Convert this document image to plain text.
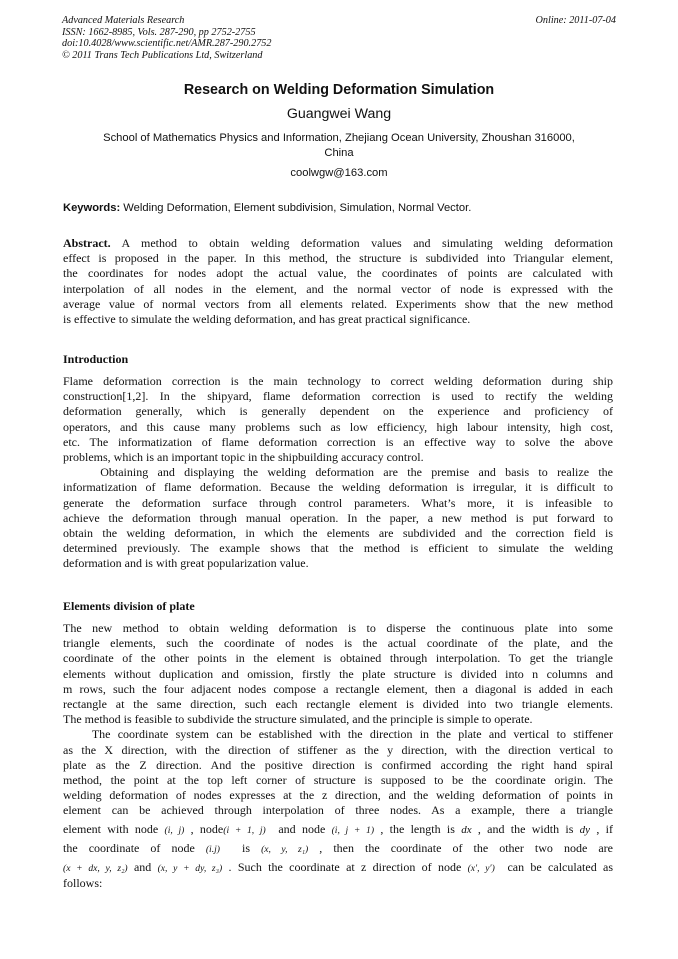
Advanced Materials Research
ISSN: 1662-8985, Vols. 287-290, pp 2752-2755
doi:10.4028/www.scientific.net/AMR.287-290.2752
© 2011 Trans Tech Publications Ltd, Switzerland
Online: 2011-07-04
Research on Welding Deformation Simulation
Guangwei Wang
School of Mathematics Physics and Information, Zhejiang Ocean University, Zhoushan 316000,
China
coolwgw@163.com
Keywords: Welding Deformation, Element subdivision, Simulation, Normal Vector.
Abstract. A method to obtain welding deformation values and simulating welding deformation
effect is proposed in the paper. In this method, the structure is subdivided into Triangular element,
the coordinates for nodes adopt the actual value, the coordinates of points are calculated with
interpolation of all nodes in the element, and the normal vector of node is expressed with the
average value of normal vectors from all elements related. Experiments show that the new method
is effective to simulate the welding deformation, and has great practical significance.
Introduction
Flame deformation correction is the main technology to correct welding deformation during ship
construction[1,2]. In the shipyard, flame deformation correction is used to rectify the welding
deformation generally, which is generally dependent on the experience and proficiency of
operators, and this cause many problems such as low efficiency, high labour intensity, high cost,
etc. The informatization of flame deformation correction is an effective way to solve the above
problems, which is an important topic in the shipbuilding accuracy control.
Obtaining and displaying the welding deformation are the premise and basis to realize the
informatization of flame deformation. Because the welding deformation is irregular, it is difficult to
generate the deformation surface through control parameters. What’s more, it is infeasible to
achieve the deformation through manual operation. In the paper, a new method is put forward to
obtain the welding deformation, in which the elements are subdivided and the correction field is
determined previously. The example shows that the method is efficient to simulate the welding
deformation and is with great popularization value.
Elements division of plate
The new method to obtain welding deformation is to disperse the continuous plate into some
triangle elements, such the coordinate of nodes is the actual coordinate of the plate, and the
coordinate of the other points in the element is obtained through interpolation. To get the triangle
elements without duplication and omission, firstly the plate structure is divided into n columns and
m rows, such the four adjacent nodes compose a rectangle element, then a diagonal is added in each
rectangle at the same direction, such each rectangle element is divided into two triangle elements.
The method is feasible to subdivide the structure simulated, and the principle is simple to operate.
The coordinate system can be established with the direction in the plate and vertical to stiffener
as the X direction, with the direction of stiffener as the y direction, with the direction vertical to
plate as the Z direction. And the positive direction is confirmed according the right hand spiral
method, the point at the top left corner of structure is supposed to be the coordinate origin. The
welding deformation of nodes expresses at the z direction, and the welding deformation of points in
element can be achieved through interpolation of three nodes. As a example, there a triangle
element with node (i, j) , node(i + 1, j)  and node (i, j + 1) , the length is dx , and the width is dy , if
the coordinate of node (i.j)  is (x, y, z₁) , then the coordinate of the other two node are
(x + dx, y, z₂) and (x, y + dy, z₃) . Such the coordinate at z direction of node (x′, y′)  can be calculated as
follows:
